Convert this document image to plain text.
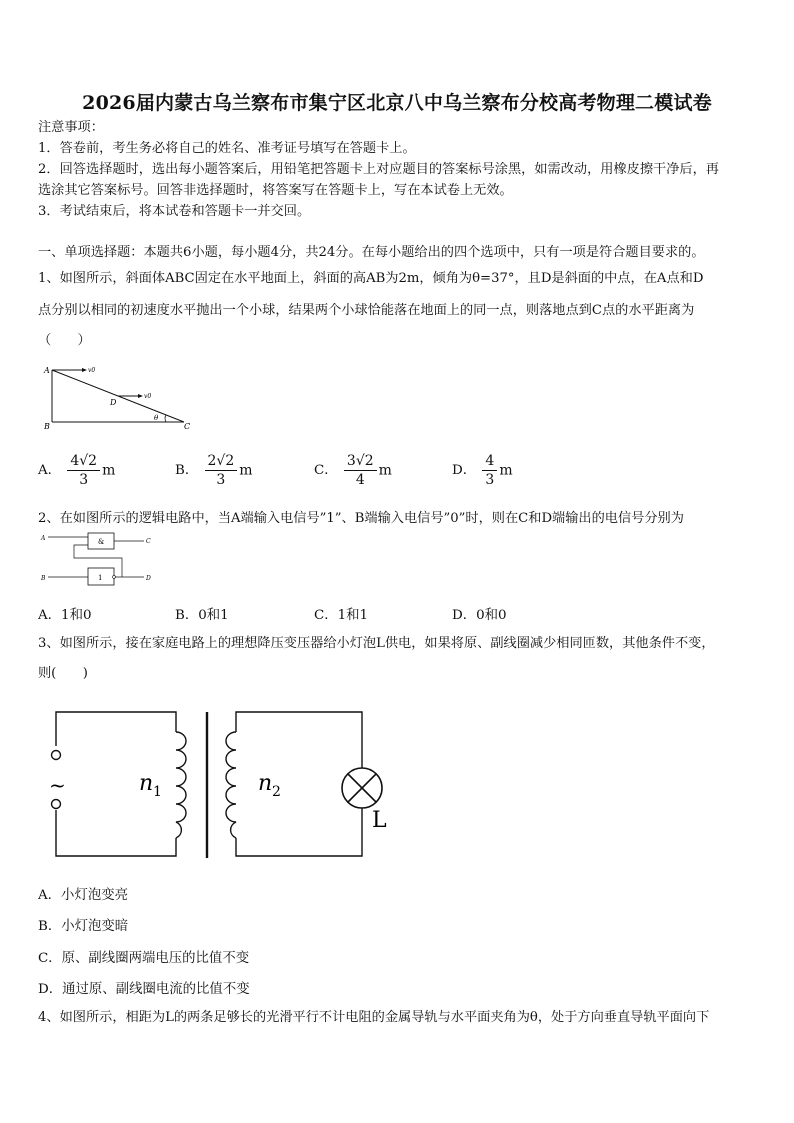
2026届内蒙古乌兰察布市集宁区北京八中乌兰察布分校高考物理二模试卷
注意事项：
1．答卷前，考生务必将自己的姓名、准考证号填写在答题卡上。
2．回答选择题时，选出每小题答案后，用铅笔把答题卡上对应题目的答案标号涂黑，如需改动，用橡皮擦干净后，再
选涂其它答案标号。回答非选择题时，将答案写在答题卡上，写在本试卷上无效。
3．考试结束后，将本试卷和答题卡一并交回。
一、单项选择题：本题共6小题，每小题4分，共24分。在每小题给出的四个选项中，只有一项是符合题目要求的。
1、如图所示，斜面体ABC固定在水平地面上，斜面的高AB为2m，倾角为θ=37°，且D是斜面的中点，在A点和D
点分别以相同的初速度水平抛出一个小球，结果两个小球恰能落在地面上的同一点，则落地点到C点的水平距离为
（　　）
A
B	C
D
v0
v0
θ
A． $\frac{4√2}{3}$ m	B． $\frac{2√2}{3}$ m	C． $\frac{3√2}{4}$ m	D． $\frac{4}{3}$ m
2、在如图所示的逻辑电路中，当A端输入电信号”1”、B端输入电信号”0”时，则在C和D端输出的电信号分别为
A
B
C
D
&
1
A．1和0	B．0和1	C．1和1	D．0和0
3、如图所示，接在家庭电路上的理想降压变压器给小灯泡L供电，如果将原、副线圈减少相同匝数，其他条件不变，
则(　　)
~	n 1	n 2
L
A．小灯泡变亮
B．小灯泡变暗
C．原、副线圈两端电压的比值不变
D．通过原、副线圈电流的比值不变
4、如图所示，相距为L的两条足够长的光滑平行不计电阻的金属导轨与水平面夹角为θ，处于方向垂直导轨平面向下
